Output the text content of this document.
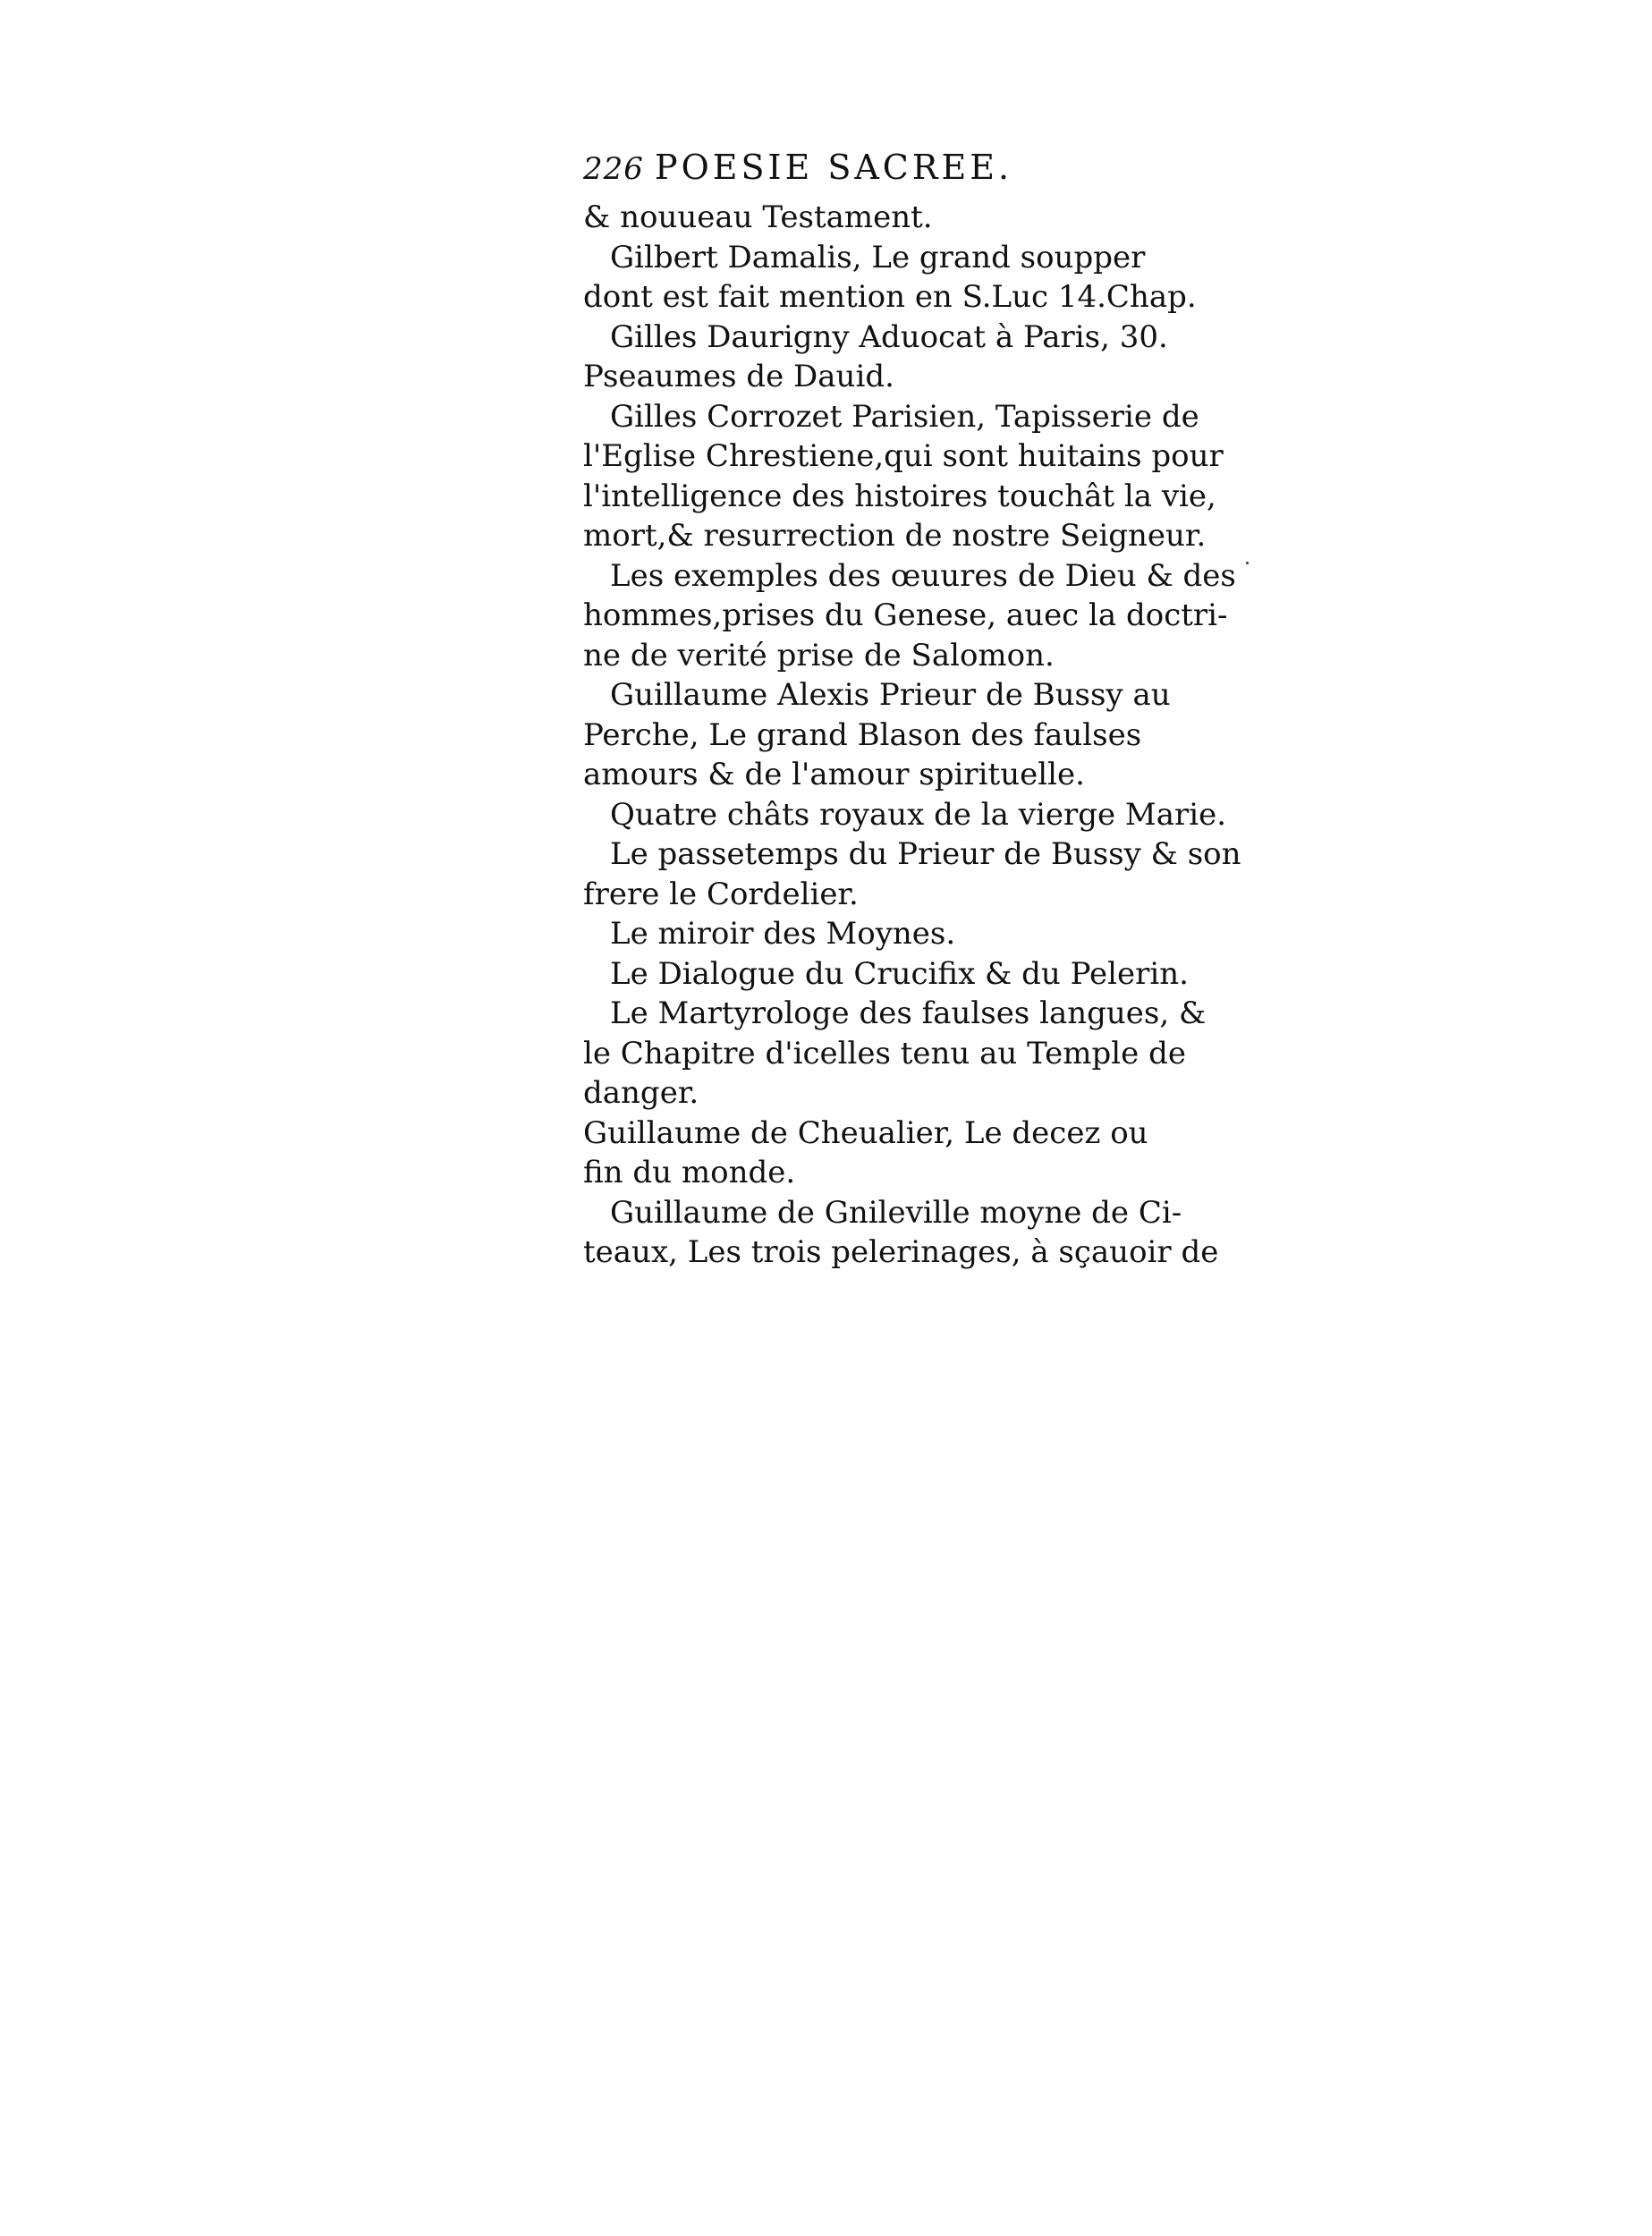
226 POESIE SACREE.
& nouueau Testament.
Gilbert Damalis, Le grand soupper
dont est fait mention en S.Luc 14.Chap.
Gilles Daurigny Aduocat à Paris, 30.
Pseaumes de Dauid.
Gilles Corrozet Parisien, Tapisserie de
l'Eglise Chrestiene,qui sont huitains pour
l'intelligence des histoires touchât la vie,
mort,& resurrection de nostre Seigneur.
Les exemples des œuures de Dieu & des
hommes,prises du Genese, auec la doctri-
ne de verité prise de Salomon.
Guillaume Alexis Prieur de Bussy au
Perche, Le grand Blason des faulses
amours & de l'amour spirituelle.
Quatre châts royaux de la vierge Marie.
Le passetemps du Prieur de Bussy & son
frere le Cordelier.
Le miroir des Moynes.
Le Dialogue du Crucifix & du Pelerin.
Le Martyrologe des faulses langues, &
le Chapitre d'icelles tenu au Temple de
danger.
Guillaume de Cheualier, Le decez ou
fin du monde.
Guillaume de Gnileville moyne de Ci-
teaux, Les trois pelerinages, à sçauoir de
